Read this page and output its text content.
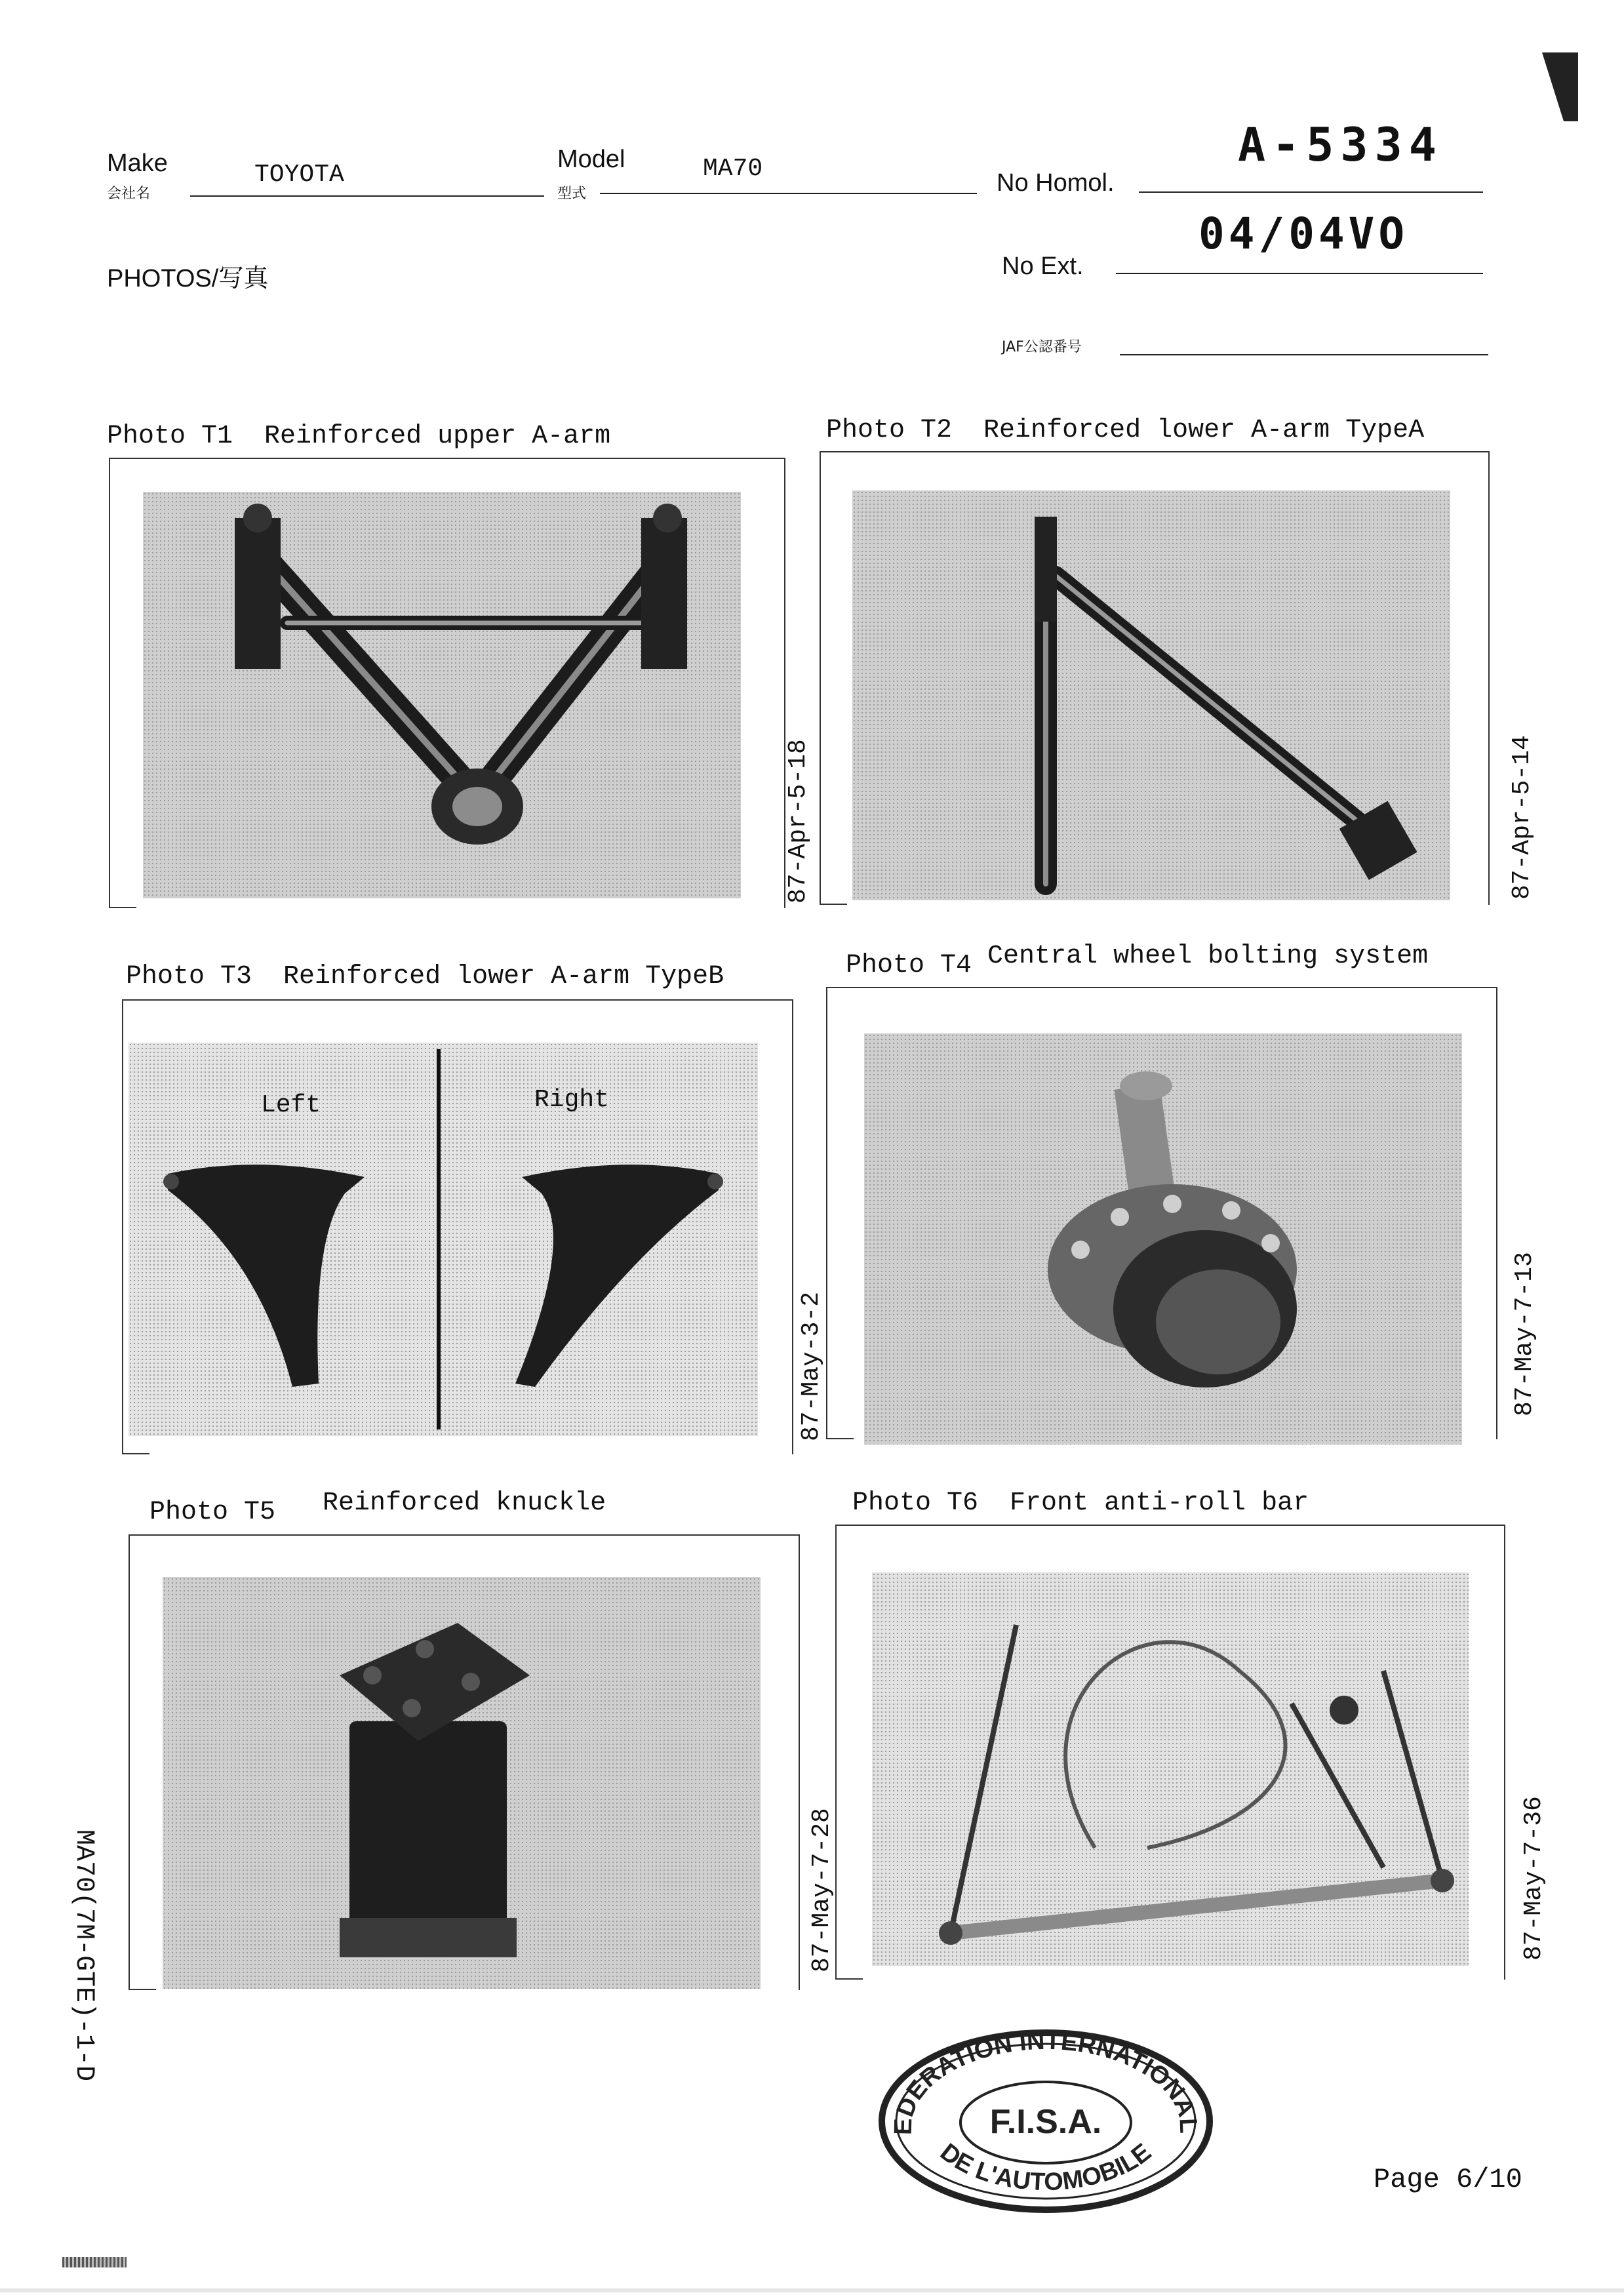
Make
会社名
TOYOTA
Model
型式
MA70	No Homol.
A-5334
PHOTOS/写真	No Ext.
04/04VO
JAF公認番号
Photo T1 Reinforced upper A-arm
87-Apr-5-18
Photo T2 Reinforced lower A-arm TypeA
87-Apr-5-14
Photo T3 Reinforced lower A-arm TypeB
Left	Right
87-May-3-2
Photo T4 Central wheel bolting system
87-May-7-13
Photo T5 Reinforced knuckle
87-May-7-28
Photo T6 Front anti-roll bar
87-May-7-36
MA70(7M-GTE)-1-D
EDERATION INTERNATIONAL
F.I.S.A.
DE L'AUTOMOBILE
Page 6/10
